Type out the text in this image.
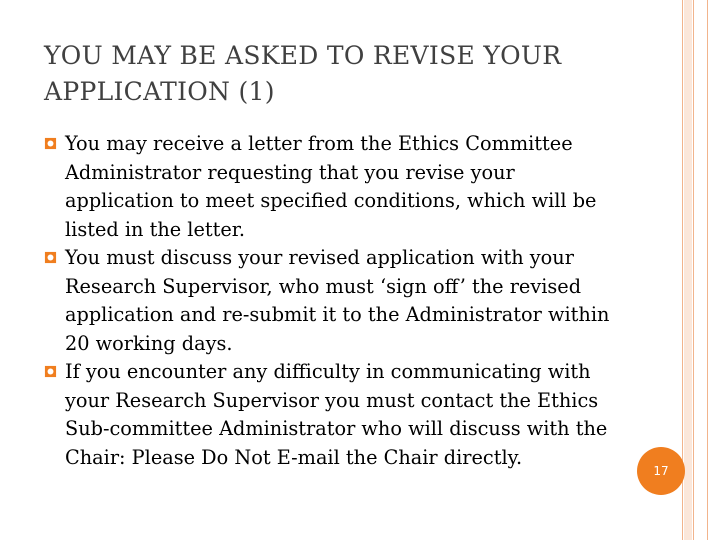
YOU MAY BE ASKED TO REVISE YOUR APPLICATION (1)
You may receive a letter from the Ethics Committee Administrator requesting that you revise your application to meet specified conditions, which will be listed in the letter.
You must discuss your revised application with your Research Supervisor, who must ‘sign off’ the revised application and re-submit it to the Administrator within 20 working days.
If you encounter any difficulty in communicating with your Research Supervisor you must contact the Ethics Sub-committee Administrator who will discuss with the Chair: Please Do Not E-mail the Chair directly.
17
